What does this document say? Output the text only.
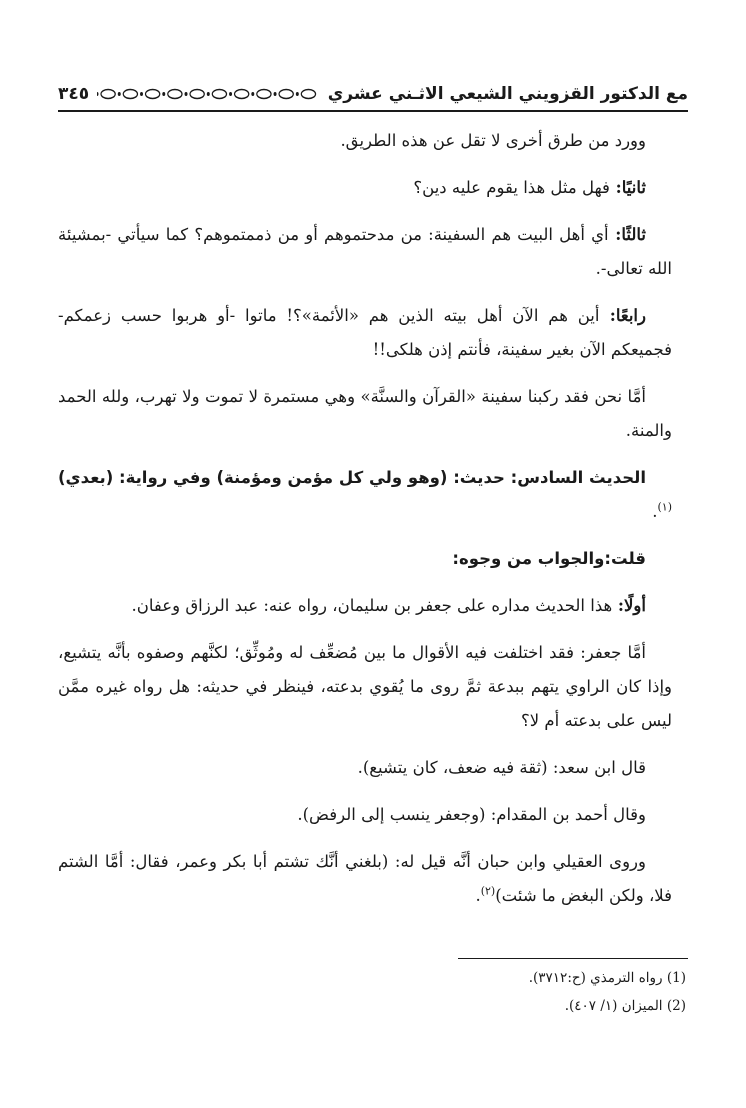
مع الدكتور القزويني الشيعي الاثـني عشري
٣٤٥

وورد من طرق أخرى لا تقل عن هذه الطريق.

ثانيًا: فهل مثل هذا يقوم عليه دين؟

ثالثًا: أي أهل البيت هم السفينة: من مدحتموهم أو من ذممتموهم؟ كما سيأتي -بمشيئة الله تعالى-.

رابعًا: أين هم الآن أهل بيته الذين هم «الأئمة»؟! ماتوا -أو هربوا حسب زعمكم- فجميعكم الآن بغير سفينة، فأنتم إذن هلكى!!

أمَّا نحن فقد ركبنا سفينة «القرآن والسنَّة» وهي مستمرة لا تموت ولا تهرب، ولله الحمد والمنة.

الحديث السادس: حديث: (وهو ولي كل مؤمن ومؤمنة) وفي رواية: (بعدي)$^{(١)}$.

قلت:والجواب من وجوه:

أولًا: هذا الحديث مداره على جعفر بن سليمان، رواه عنه: عبد الرزاق وعفان.

أمَّا جعفر: فقد اختلفت فيه الأقوال ما بين مُضعِّف له ومُوثِّق؛ لكنَّهم وصفوه بأنَّه يتشيع، وإذا كان الراوي يتهم ببدعة ثمَّ روى ما يُقوي بدعته، فينظر في حديثه: هل رواه غيره ممَّن ليس على بدعته أم لا؟

قال ابن سعد: (ثقة فيه ضعف، كان يتشيع).

وقال أحمد بن المقدام: (وجعفر ينسب إلى الرفض).

وروى العقيلي وابن حبان أنَّه قيل له: (بلغني أنَّك تشتم أبا بكر وعمر، فقال: أمَّا الشتم فلا، ولكن البغض ما شئت)$^{(٢)}$.

(1) رواه الترمذي (ح:٣٧١٢).
(2) الميزان (١/ ٤٠٧).
